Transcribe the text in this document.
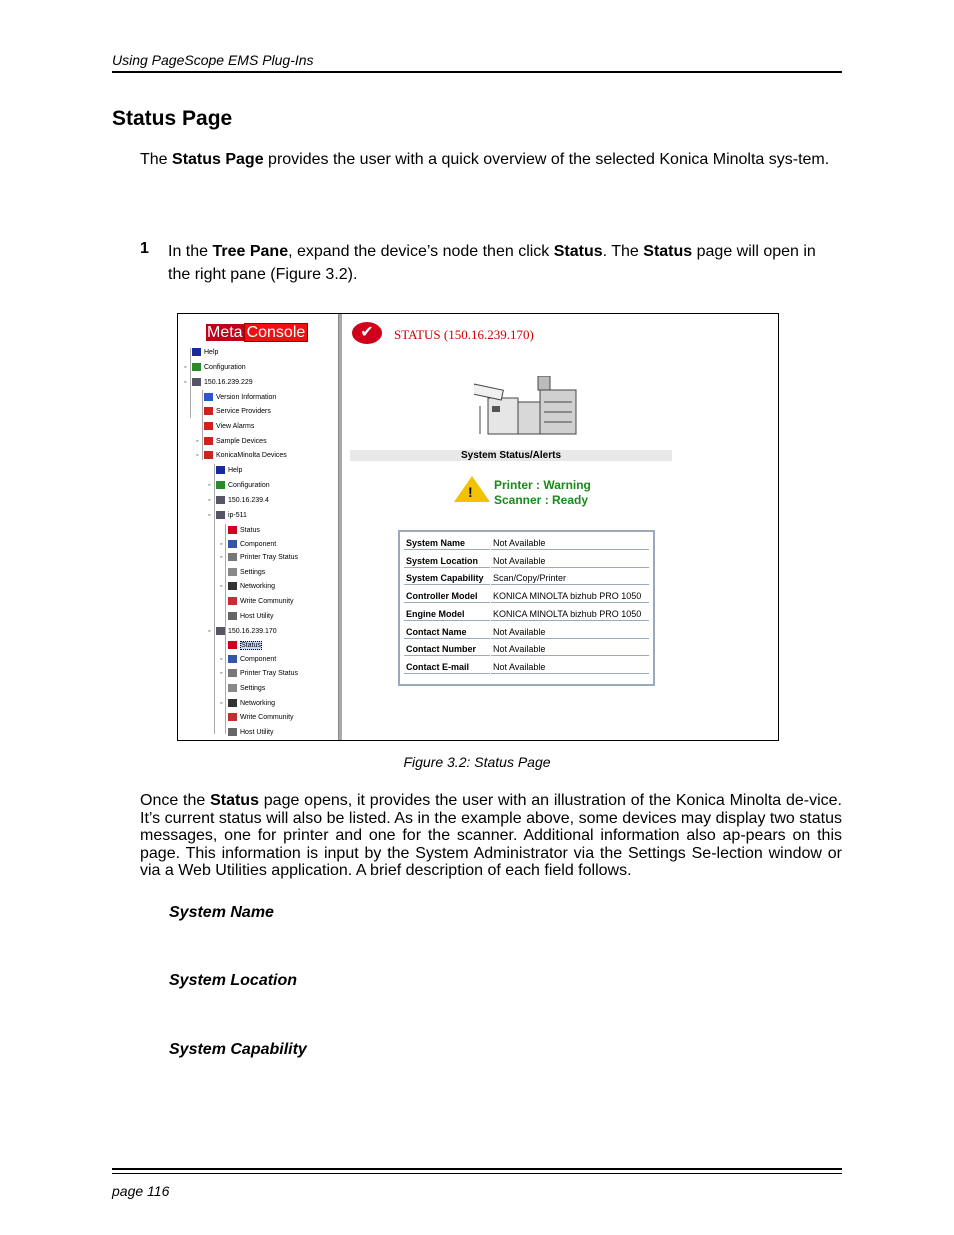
Using PageScope EMS Plug-Ins
Status Page
The Status Page provides the user with a quick overview of the selected Konica Minolta sys-tem.
1 In the Tree Pane, expand the device’s node then click Status. The Status page will open in the right pane (Figure 3.2).
Meta Console
Help
◦	Configuration
◦	150.16.239.229
Version Information
Service Providers
View Alarms
◦	Sample Devices
◦	KonicaMinolta Devices
Help
◦	Configuration
◦	150.16.239.4
◦	ip-511
Status
◦	Component
◦	Printer Tray Status
Settings
◦	Networking
Write Community
Host Utility
◦	150.16.239.170
Status
◦	Component
◦	Printer Tray Status
Settings
◦	Networking
Write Community
Host Utility
✔	STATUS (150.16.239.170)
System Status/Alerts
! Printer : Warning
Scanner : Ready
System Name	Not Available
System Location	Not Available
System Capability	Scan/Copy/Printer
Controller Model	KONICA MINOLTA bizhub PRO 1050
Engine Model	KONICA MINOLTA bizhub PRO 1050
Contact Name	Not Available
Contact Number	Not Available
Contact E-mail	Not Available
Figure 3.2: Status Page
Once the Status page opens, it provides the user with an illustration of the Konica Minolta de-vice. It’s current status will also be listed. As in the example above, some devices may display two status messages, one for printer and one for the scanner. Additional information also ap-pears on this page. This information is input by the System Administrator via the Settings Se-lection window or via a Web Utilities application. A brief description of each field follows.
System Name
System Location
System Capability
page 116
